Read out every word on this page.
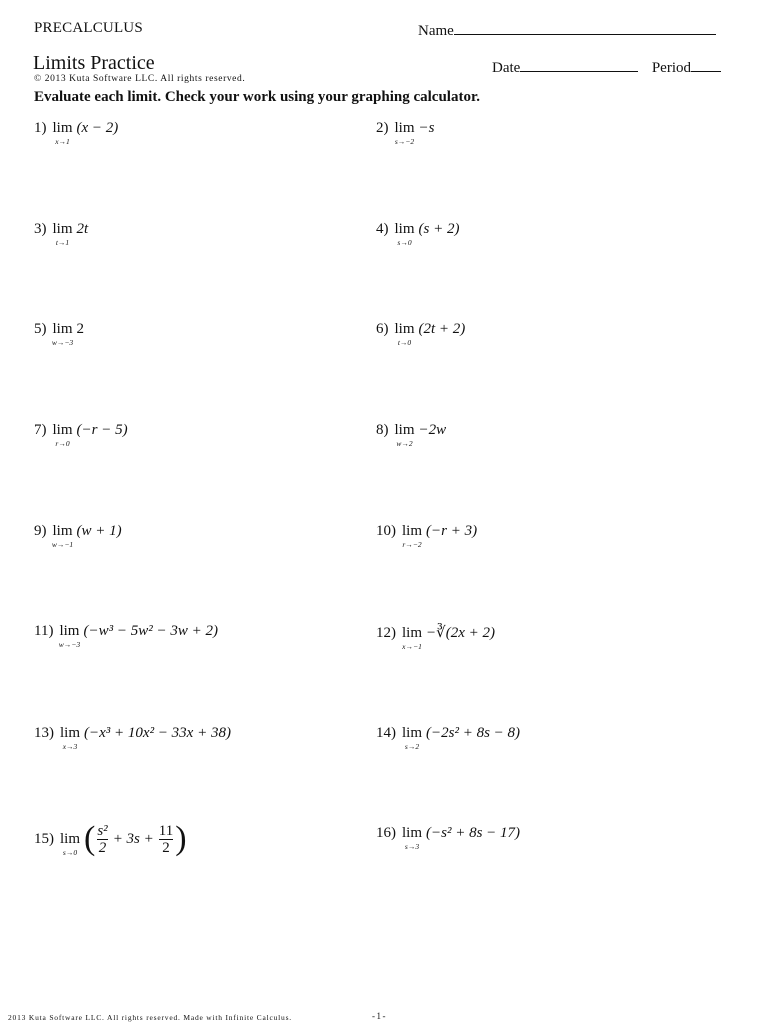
PRECALCULUS	Name
Limits Practice	Date	Period
© 2013 Kuta Software LLC. All rights reserved.
Evaluate each limit. Check your work using your graphing calculator.
1) lim
x→1
(x − 2)
3) lim
t→1
2t
5) lim
w→−3
2
7) lim
r→0
(−r − 5)
9) lim
w→−1
(w + 1)
11) lim
w→−3
(−w³ − 5w² − 3w + 2)
13) lim
x→3
(−x³ + 10x² − 33x + 38)
15) lim
s→0 ( $\frac{\text{s²}}{2} + 3s + \frac{11}{2}$ )
2) lim
s→−2
−s
4) lim
s→0
(s + 2)
6) lim
t→0
(2t + 2)
8) lim
w→2
−2w
10) lim
r→−2
(−r + 3)
12) lim
x→−1
−∛(2x + 2)
14) lim
s→2
(−2s² + 8s − 8)
16) lim
s→3
(−s² + 8s − 17)
2013 Kuta Software LLC. All rights reserved. Made with Infinite Calculus.	-1-
